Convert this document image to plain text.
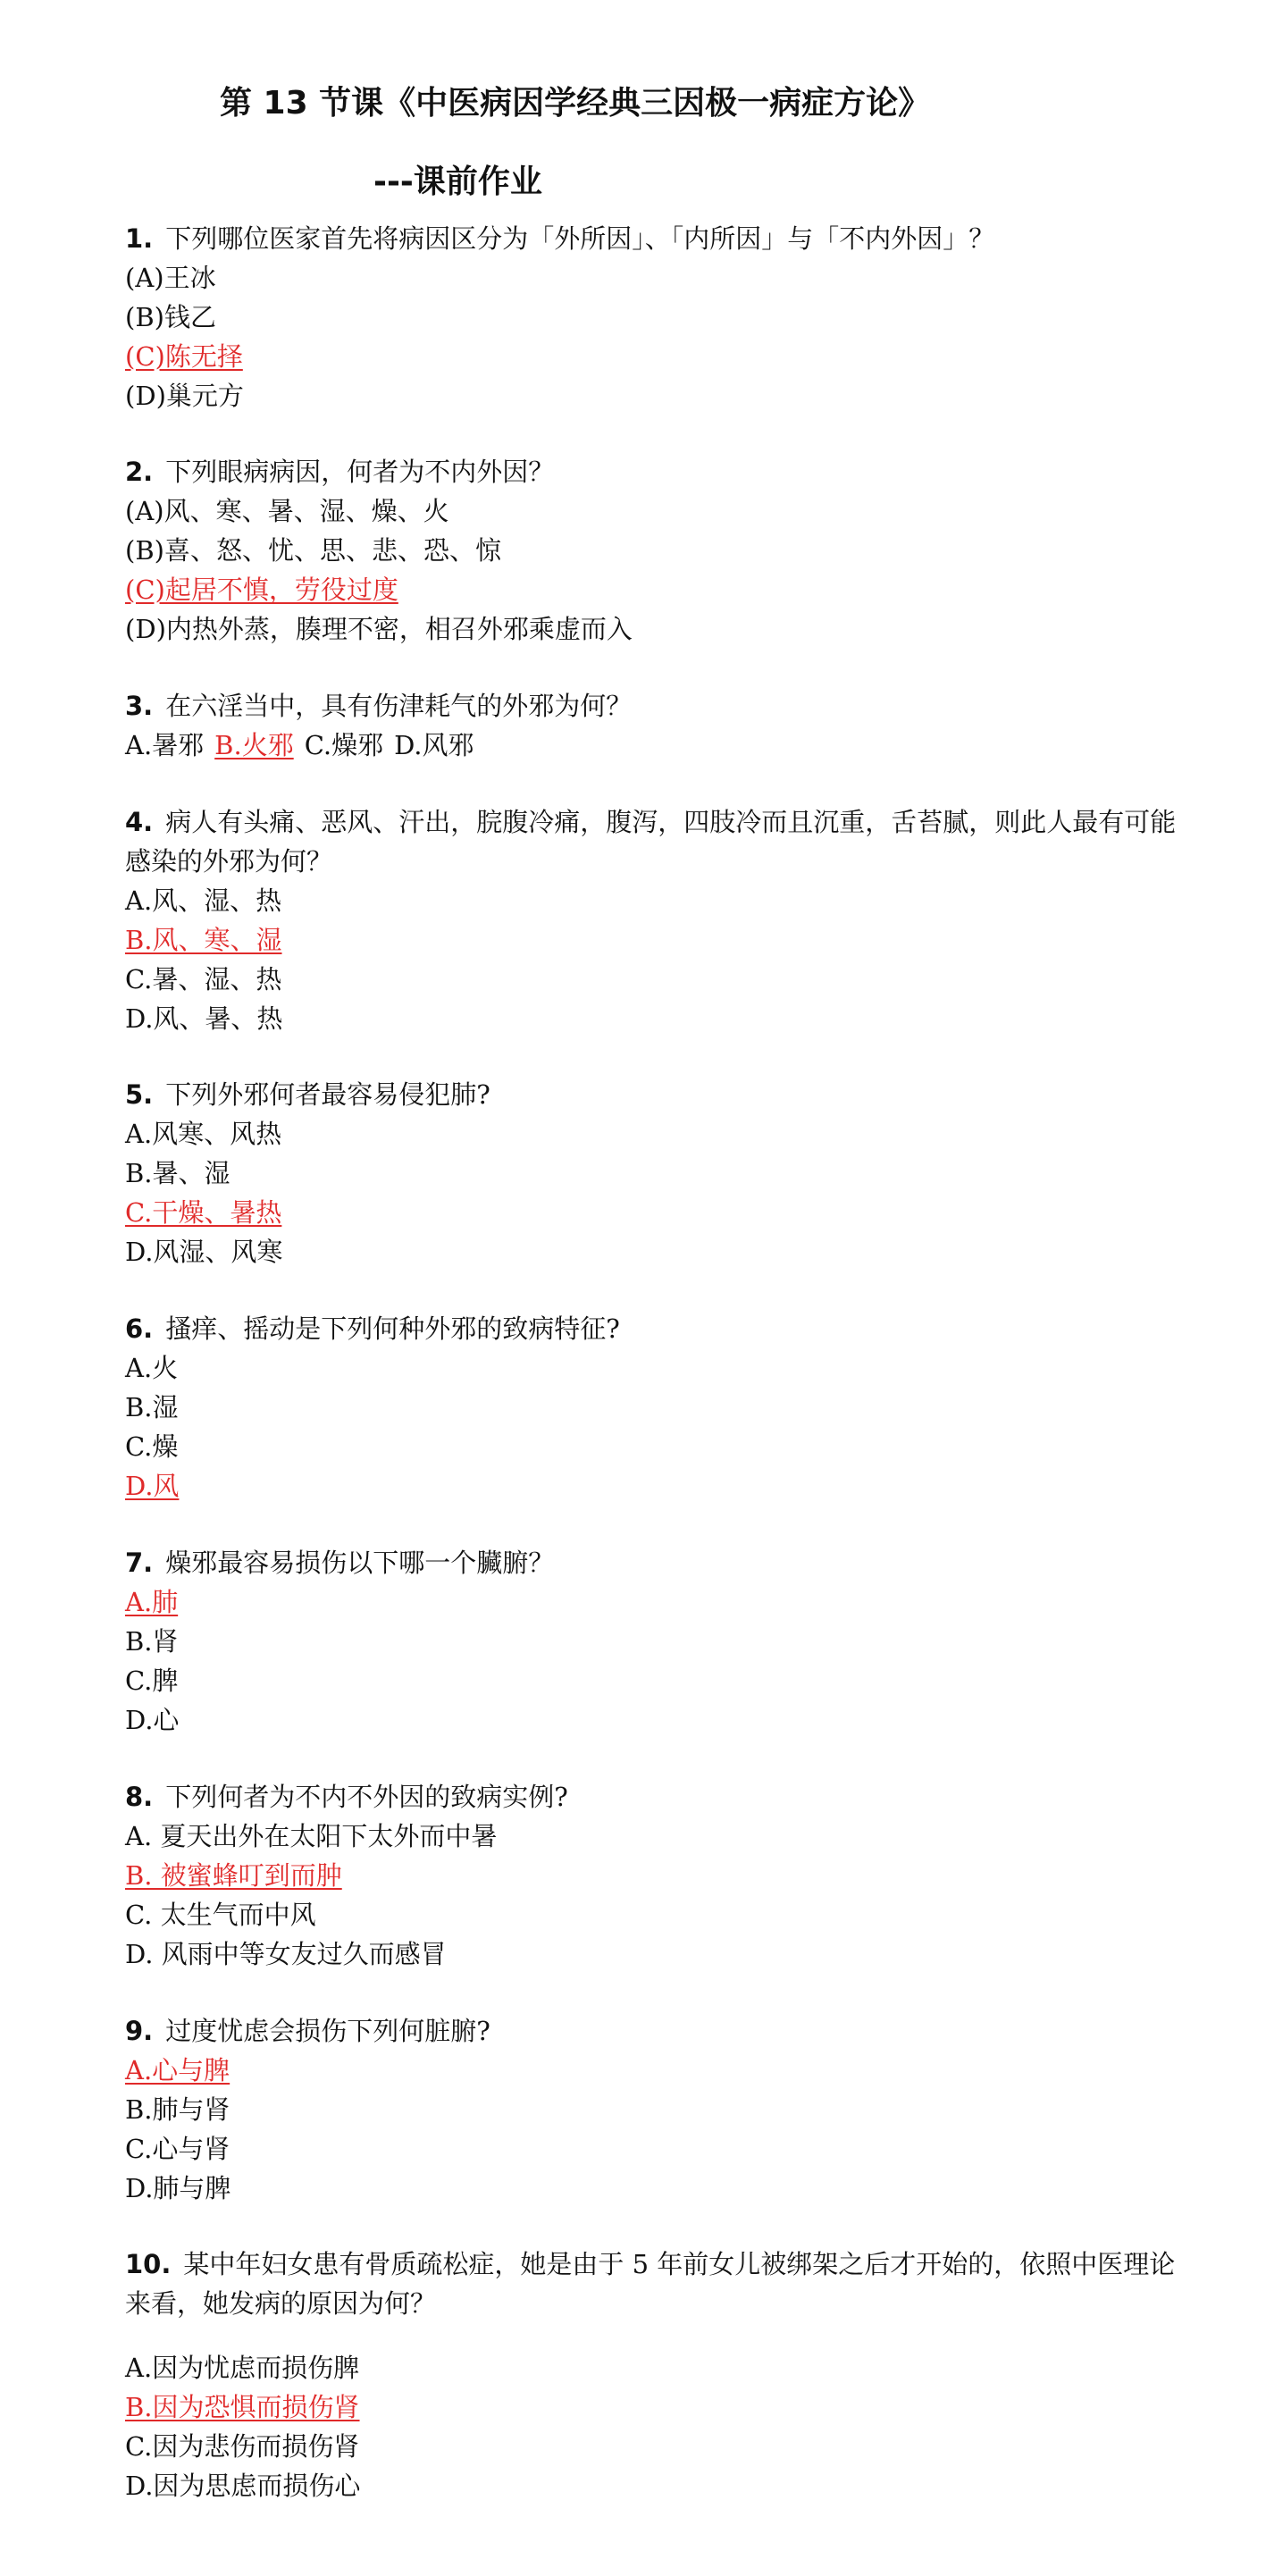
第 13 节课《中医病因学经典三因极一病症方论》
---课前作业
1. 下列哪位医家首先将病因区分为「外所因」、「内所因」与「不内外因」？
(A)王冰
(B)钱乙
(C)陈无择
(D)巢元方
2. 下列眼病病因，何者为不内外因？
(A)风、寒、暑、湿、燥、火
(B)喜、怒、忧、思、悲、恐、惊
(C)起居不慎，劳役过度
(D)内热外蒸，腠理不密，相召外邪乘虚而入
3. 在六淫当中，具有伤津耗气的外邪为何？
A.暑邪 B.火邪 C.燥邪 D.风邪
4. 病人有头痛、恶风、汗出，脘腹冷痛，腹泻，四肢冷而且沉重，舌苔腻，则此人最有可能感染的外邪为何？
A.风、湿、热
B.风、寒、湿
C.暑、湿、热
D.风、暑、热
5. 下列外邪何者最容易侵犯肺?
A.风寒、风热
B.暑、湿
C.干燥、暑热
D.风湿、风寒
6. 搔痒、摇动是下列何种外邪的致病特征?
A.火
B.湿
C.燥
D.风
7. 燥邪最容易损伤以下哪一个臟腑？
A.肺
B.肾
C.脾
D.心
8. 下列何者为不内不外因的致病实例?
A. 夏天出外在太阳下太外而中暑
B. 被蜜蜂叮到而肿
C. 太生气而中风
D. 风雨中等女友过久而感冒
9. 过度忧虑会损伤下列何脏腑?
A.心与脾
B.肺与肾
C.心与肾
D.肺与脾
10. 某中年妇女患有骨质疏松症，她是由于 5 年前女儿被绑架之后才开始的，依照中医理论来看，她发病的原因为何？
A.因为忧虑而损伤脾
B.因为恐惧而损伤肾
C.因为悲伤而损伤肾
D.因为思虑而损伤心
